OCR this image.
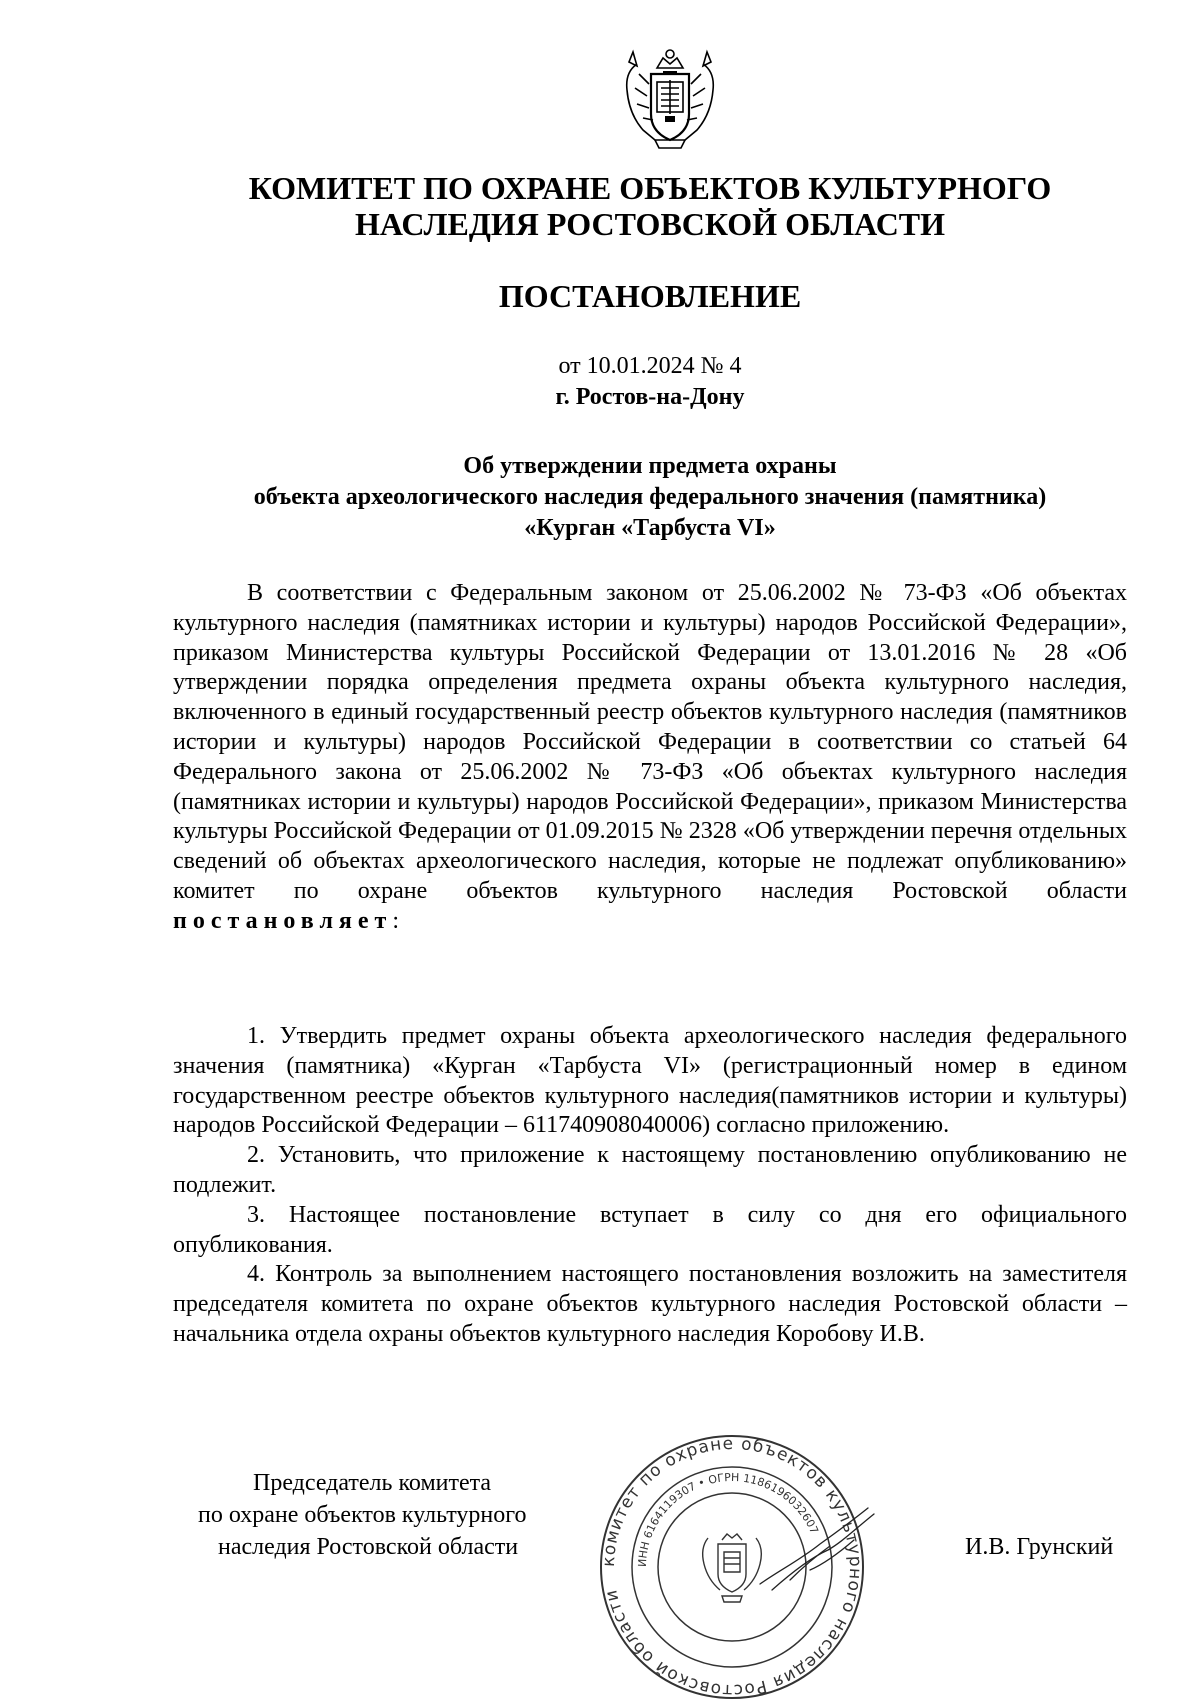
КОМИТЕТ ПО ОХРАНЕ ОБЪЕКТОВ КУЛЬТУРНОГО
НАСЛЕДИЯ РОСТОВСКОЙ ОБЛАСТИ
ПОСТАНОВЛЕНИЕ
от 10.01.2024 № 4
г. Ростов-на-Дону
Об утверждении предмета охраны
объекта археологического наследия федерального значения (памятника)
«Курган «Тарбуста VI»

В соответствии с Федеральным законом от 25.06.2002 № 73-ФЗ «Об объектах культурного наследия (памятниках истории и культуры) народов Российской Федерации», приказом Министерства культуры Российской Федерации от 13.01.2016 № 28 «Об утверждении порядка определения предмета охраны объекта культурного наследия, включенного в единый государственный реестр объектов культурного наследия (памятников истории и культуры) народов Российской Федерации в соответствии со статьей 64 Федерального закона от 25.06.2002 № 73-ФЗ «Об объектах культурного наследия (памятниках истории и культуры) народов Российской Федерации», приказом Министерства культуры Российской Федерации от 01.09.2015 № 2328 «Об утверждении перечня отдельных сведений об объектах археологического наследия, которые не подлежат опубликованию» комитет по охране объектов культурного наследия Ростовской области постановляет:

1. Утвердить предмет охраны объекта археологического наследия федерального значения (памятника) «Курган «Тарбуста VI» (регистрационный номер в едином государственном реестре объектов культурного наследия(памятников истории и культуры) народов Российской Федерации – 611740908040006) согласно приложению.

2. Установить, что приложение к настоящему постановлению опубликованию не подлежит.

3. Настоящее постановление вступает в силу со дня его официального опубликования.

4. Контроль за выполнением настоящего постановления возложить на заместителя председателя комитета по охране объектов культурного наследия Ростовской области – начальника отдела охраны объектов культурного наследия Коробову И.В.

комитет по охране объектов культурного наследия Ростовской области
ИНН 6164119307 • ОГРН 1186196032607
Председатель комитета
по охране объектов культурного
наследия Ростовской области	И.В. Грунский
